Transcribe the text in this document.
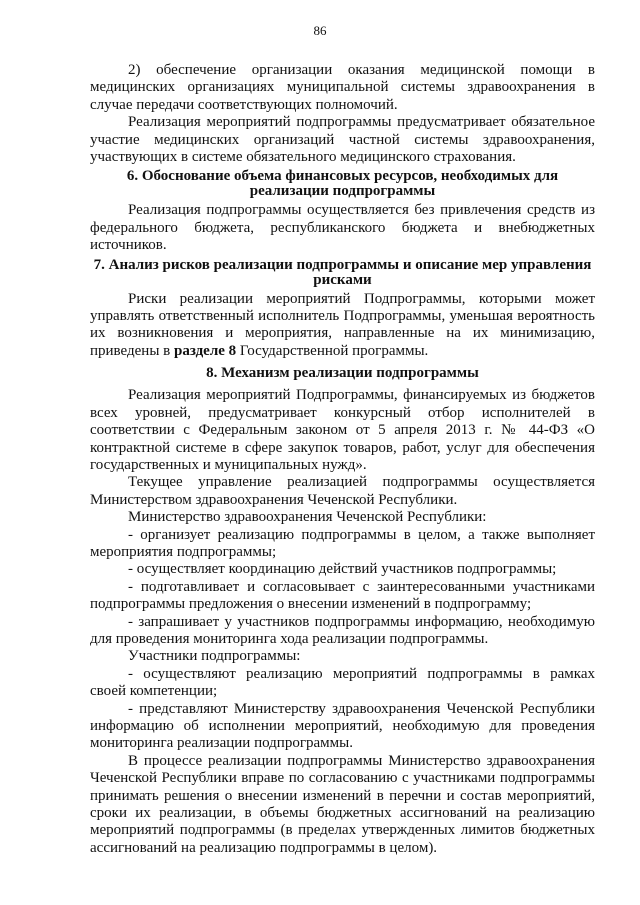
86

2) обеспечение организации оказания медицинской помощи в медицинских организациях муниципальной системы здравоохранения в случае передачи соответствующих полномочий.

Реализация мероприятий подпрограммы предусматривает обязательное участие медицинских организаций частной системы здравоохранения, участвующих в системе обязательного медицинского страхования.

6. Обоснование объема финансовых ресурсов, необходимых для реализации подпрограммы

Реализация подпрограммы осуществляется без привлечения средств из федерального бюджета, республиканского бюджета и внебюджетных источников.

7. Анализ рисков реализации подпрограммы и описание мер управления рисками

Риски реализации мероприятий Подпрограммы, которыми может управлять ответственный исполнитель Подпрограммы, уменьшая вероятность их возникновения и мероприятия, направленные на их минимизацию, приведены в разделе 8 Государственной программы.

8. Механизм реализации подпрограммы

Реализация мероприятий Подпрограммы, финансируемых из бюджетов всех уровней, предусматривает конкурсный отбор исполнителей в соответствии с Федеральным законом от 5 апреля 2013 г. № 44-ФЗ «О контрактной системе в сфере закупок товаров, работ, услуг для обеспечения государственных и муниципальных нужд».

Текущее управление реализацией подпрограммы осуществляется Министерством здравоохранения Чеченской Республики.

Министерство здравоохранения Чеченской Республики:

- организует реализацию подпрограммы в целом, а также выполняет мероприятия подпрограммы;

- осуществляет координацию действий участников подпрограммы;

- подготавливает и согласовывает с заинтересованными участниками подпрограммы предложения о внесении изменений в подпрограмму;

- запрашивает у участников подпрограммы информацию, необходимую для проведения мониторинга хода реализации подпрограммы.

Участники подпрограммы:

- осуществляют реализацию мероприятий подпрограммы в рамках своей компетенции;

- представляют Министерству здравоохранения Чеченской Республики информацию об исполнении мероприятий, необходимую для проведения мониторинга реализации подпрограммы.

В процессе реализации подпрограммы Министерство здравоохранения Чеченской Республики вправе по согласованию с участниками подпрограммы принимать решения о внесении изменений в перечни и состав мероприятий, сроки их реализации, в объемы бюджетных ассигнований на реализацию мероприятий подпрограммы (в пределах утвержденных лимитов бюджетных ассигнований на реализацию подпрограммы в целом).
